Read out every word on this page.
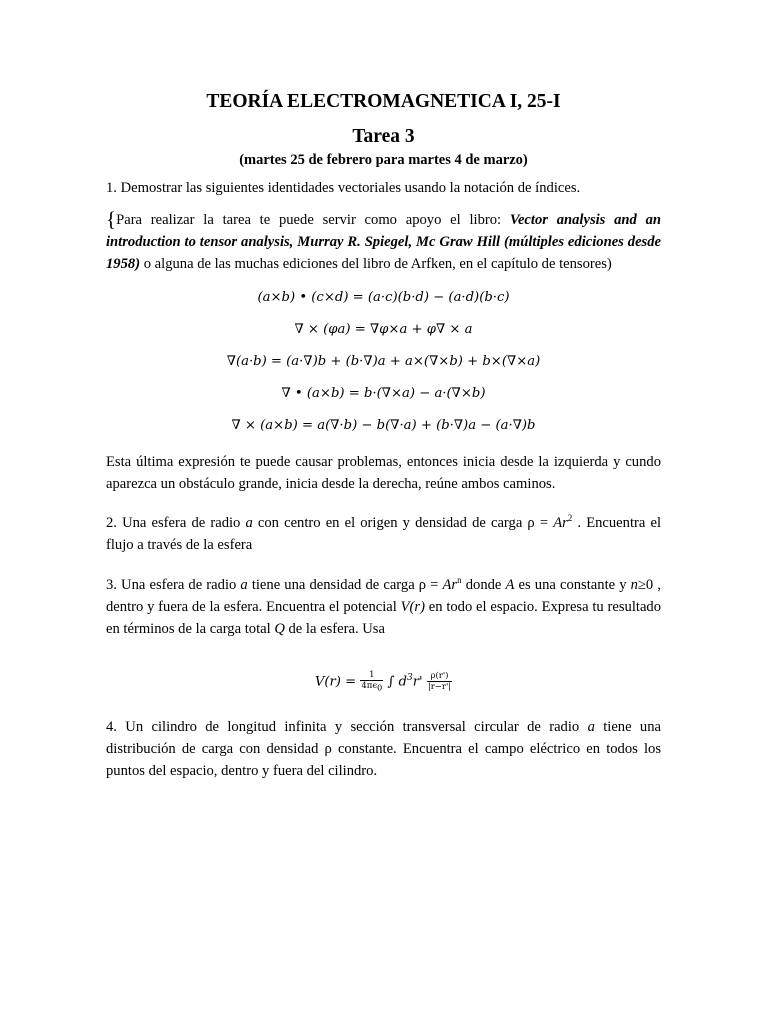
TEORÍA ELECTROMAGNETICA I, 25-I
Tarea 3
(martes 25 de febrero para martes 4 de marzo)

1. Demostrar las siguientes identidades vectoriales usando la notación de índices.

{Para realizar la tarea te puede servir como apoyo el libro: Vector analysis and an introduction to tensor analysis, Murray R. Spiegel, Mc Graw Hill (múltiples ediciones desde 1958) o alguna de las muchas ediciones del libro de Arfken, en el capítulo de tensores)

(a×b) • (c×d) = (a·c)(b·d) − (a·d)(b·c)
∇ × (φa) = ∇φ×a + φ∇ × a
∇(a·b) = (a·∇)b + (b·∇)a + a×(∇×b) + b×(∇×a)
∇ • (a×b) = b·(∇×a) − a·(∇×b)
∇ × (a×b) = a(∇·b) − b(∇·a) + (b·∇)a − (a·∇)b

Esta última expresión te puede causar problemas, entonces inicia desde la izquierda y cundo aparezca un obstáculo grande, inicia desde la derecha, reúne ambos caminos.

2. Una esfera de radio a con centro en el origen y densidad de carga $\rho = Ar^2$ . Encuentra el flujo a través de la esfera

3. Una esfera de radio a tiene una densidad de carga $\rho = Ar^n$ donde A es una constante y n≥0 , dentro y fuera de la esfera. Encuentra el potencial V(r) en todo el espacio. Expresa tu resultado en términos de la carga total Q de la esfera. Usa

$V(r) = \frac{1}{4\pi\epsilon_0}$ ∫ $d^3r' \frac{\rho(r')}{|r-r'|}$

4. Un cilindro de longitud infinita y sección transversal circular de radio a tiene una distribución de carga con densidad ρ constante. Encuentra el campo eléctrico en todos los puntos del espacio, dentro y fuera del cilindro.
